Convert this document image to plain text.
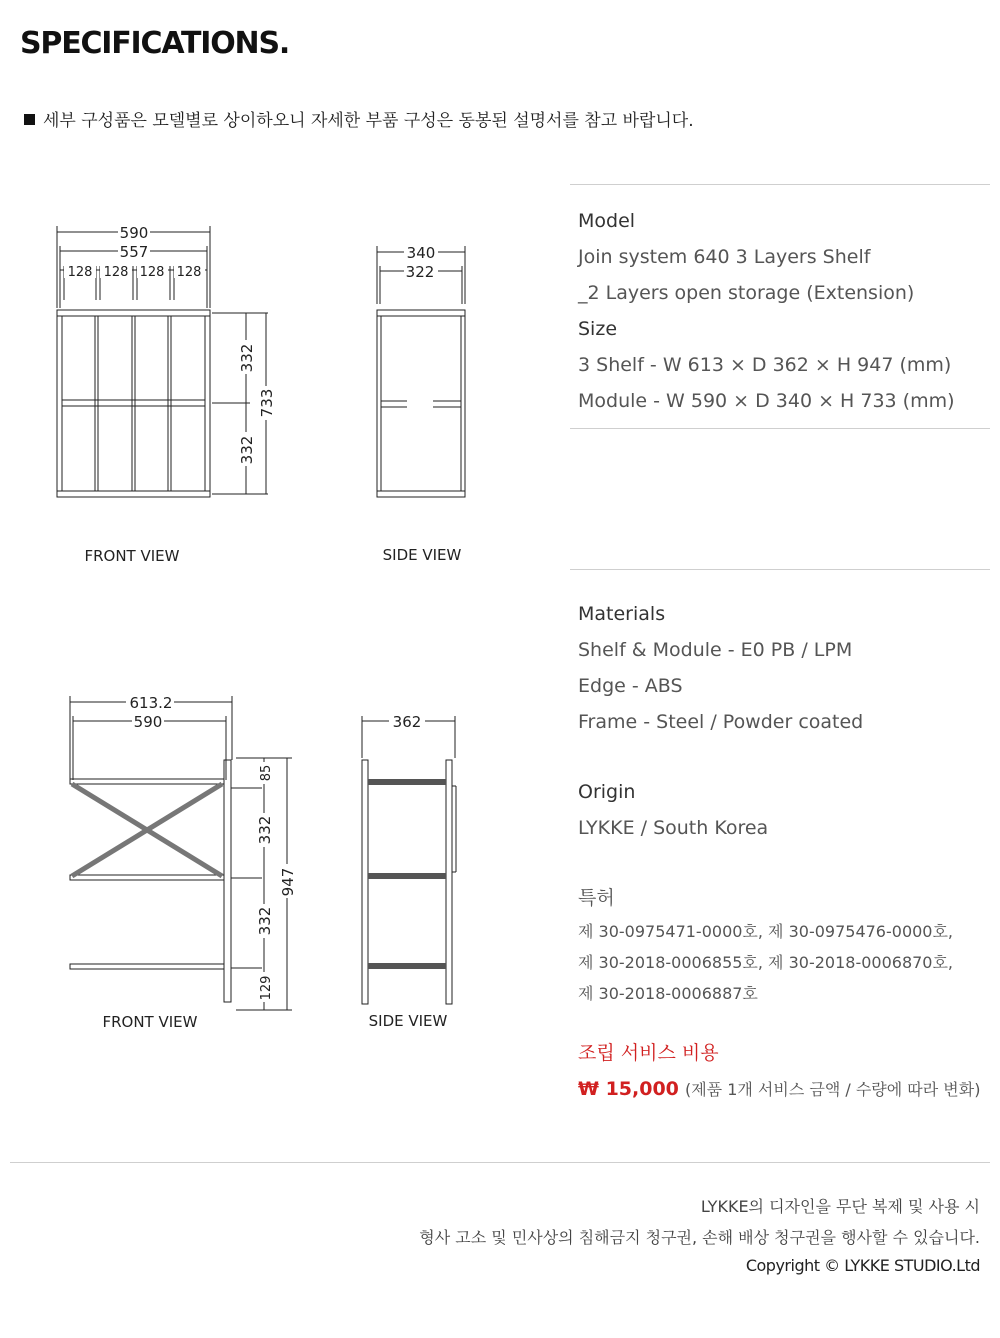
SPECIFICATIONS.
세부 구성품은 모델별로 상이하오니 자세한 부품 구성은 동봉된 설명서를 참고 바랍니다.
590
557
128 128 128 128
332
332
733
FRONT VIEW
340
322
SIDE VIEW
613.2
590
85
332
332
129
947
FRONT VIEW
362
SIDE VIEW
Model
Join system 640 3 Layers Shelf
_2 Layers open storage (Extension)
Size
3 Shelf - W 613 × D 362 × H 947 (mm)
Module - W 590 × D 340 × H 733 (mm)
Materials
Shelf & Module - E0 PB / LPM
Edge - ABS
Frame - Steel / Powder coated
Origin
LYKKE / South Korea
특허
제 30-0975471-0000호, 제 30-0975476-0000호,
제 30-2018-0006855호, 제 30-2018-0006870호,
제 30-2018-0006887호
조립 서비스 비용
₩ 15,000 (제품 1개 서비스 금액 / 수량에 따라 변화)
LYKKE의 디자인을 무단 복제 및 사용 시
형사 고소 및 민사상의 침해금지 청구권, 손해 배상 청구권을 행사할 수 있습니다.
Copyright © LYKKE STUDIO.Ltd
